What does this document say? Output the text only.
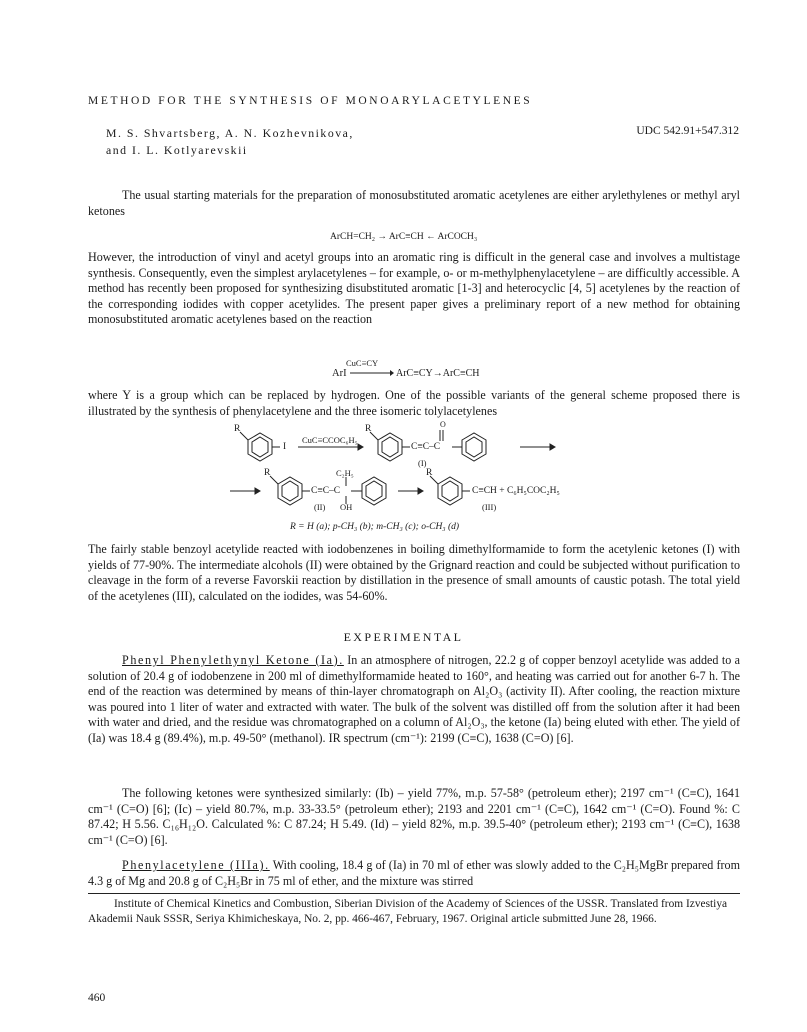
METHOD FOR THE SYNTHESIS OF MONOARYLACETYLENES
M. S. Shvartsberg, A. N. Kozhevnikova,
and I. L. Kotlyarevskii
UDC 542.91+547.312

The usual starting materials for the preparation of monosubstituted aromatic acetylenes are either arylethylenes or methyl aryl ketones

ArCH=CH₂ → ArC≡CH ← ArCOCH₃

However, the introduction of vinyl and acetyl groups into an aromatic ring is difficult in the general case and involves a multistage synthesis. Consequently, even the simplest arylacetylenes – for example, o- or m-methylphenylacetylene – are difficultly accessible. A method has recently been proposed for synthesizing disubstituted aromatic [1-3] and heterocyclic [4, 5] acetylenes by the reaction of the corresponding iodides with copper acetylides. The present paper gives a preliminary report of a new method for obtaining monosubstituted aromatic acetylenes based on the reaction

CuC≡CY
ArI	ArC≡CY→ArC≡CH

where Y is a group which can be replaced by hydrogen. One of the possible variants of the general scheme proposed there is illustrated by the synthesis of phenylacetylene and the three isomeric tolylacetylenes

R
I
CuC≡CCOC₆H₅
R	O
C≡C–C
(I)
R	C₂H₅
C≡C–C
(II) OH
R
C≡CH + C₆H₅COC₂H₅
(III)
R = H (a); p-CH₃ (b); m-CH₃ (c); o-CH₃ (d)

The fairly stable benzoyl acetylide reacted with iodobenzenes in boiling dimethylformamide to form the acetylenic ketones (I) with yields of 77-90%. The intermediate alcohols (II) were obtained by the Grignard reaction and could be subjected without purification to cleavage in the form of a reverse Favorskii reaction by distillation in the presence of small amounts of caustic potash. The total yield of the acetylenes (III), calculated on the iodides, was 54-60%.

EXPERIMENTAL

Phenyl Phenylethynyl Ketone (Ia). In an atmosphere of nitrogen, 22.2 g of copper benzoyl acetylide was added to a solution of 20.4 g of iodobenzene in 200 ml of dimethylformamide heated to 160°, and heating was carried out for another 6-7 h. The end of the reaction was determined by means of thin-layer chromatograph on Al₂O₃ (activity II). After cooling, the reaction mixture was poured into 1 liter of water and extracted with water. The bulk of the solvent was distilled off from the solution after it had been with water and dried, and the residue was chromatographed on a column of Al₂O₃, the ketone (Ia) being eluted with ether. The yield of (Ia) was 18.4 g (89.4%), m.p. 49-50° (methanol). IR spectrum (cm⁻¹): 2199 (C≡C), 1638 (C=O) [6].

The following ketones were synthesized similarly: (Ib) – yield 77%, m.p. 57-58° (petroleum ether); 2197 cm⁻¹ (C≡C), 1641 cm⁻¹ (C=O) [6]; (Ic) – yield 80.7%, m.p. 33-33.5° (petroleum ether); 2193 and 2201 cm⁻¹ (C≡C), 1642 cm⁻¹ (C=O). Found %: C 87.42; H 5.56. C₁₆H₁₂O. Calculated %: C 87.24; H 5.49. (Id) – yield 82%, m.p. 39.5-40° (petroleum ether); 2193 cm⁻¹ (C≡C), 1638 cm⁻¹ (C=O) [6].

Phenylacetylene (IIIa). With cooling, 18.4 g of (Ia) in 70 ml of ether was slowly added to the C₂H₅MgBr prepared from 4.3 g of Mg and 20.8 g of C₂H₅Br in 75 ml of ether, and the mixture was stirred

Institute of Chemical Kinetics and Combustion, Siberian Division of the Academy of Sciences of the USSR. Translated from Izvestiya Akademii Nauk SSSR, Seriya Khimicheskaya, No. 2, pp. 466-467, February, 1967. Original article submitted June 28, 1966.

460
